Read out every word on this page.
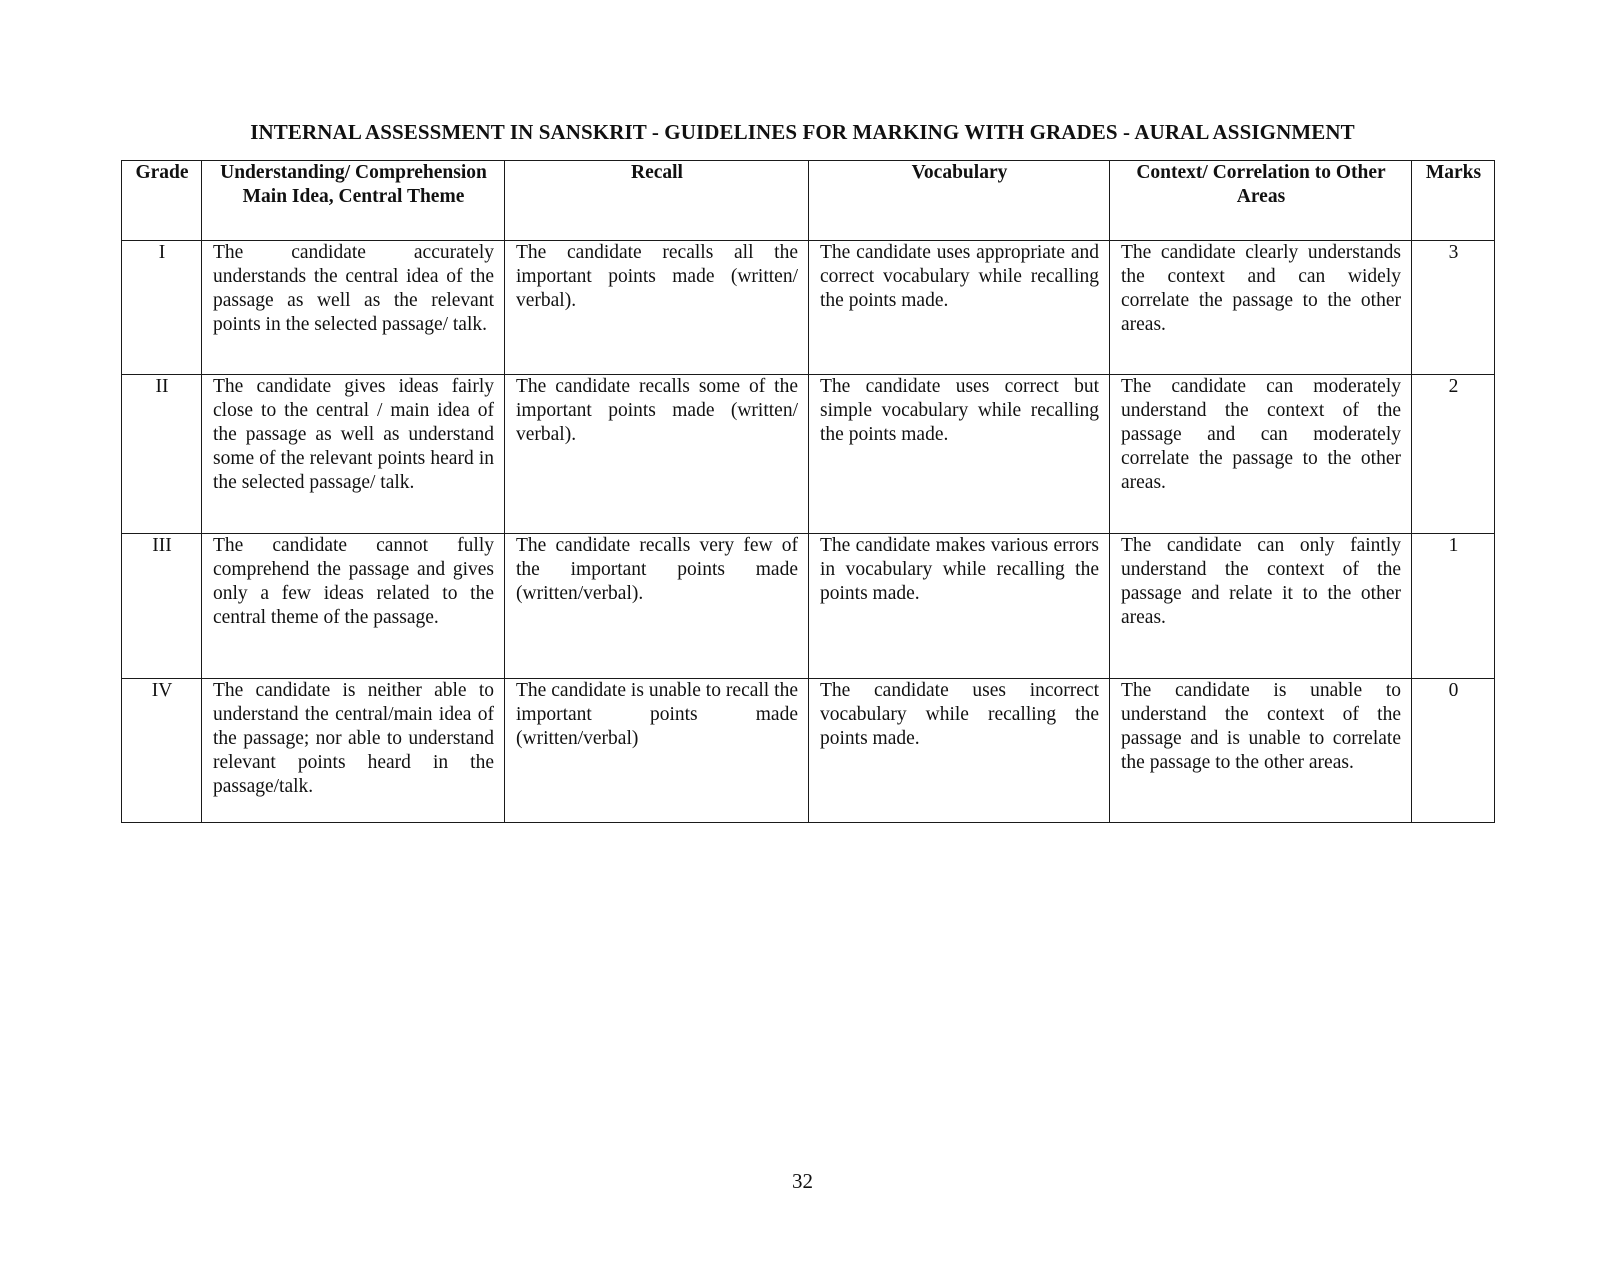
INTERNAL ASSESSMENT IN SANSKRIT - GUIDELINES FOR MARKING WITH GRADES - AURAL ASSIGNMENT
Grade	Understanding/ Comprehension Main Idea, Central Theme	Recall	Vocabulary	Context/ Correlation to Other Areas	Marks
I	The candidate accurately understands the central idea of the passage as well as the relevant points in the selected passage/ talk.	The candidate recalls all the important points made (written/ verbal).	The candidate uses appropriate and correct vocabulary while recalling the points made.	The candidate clearly understands the context and can widely correlate the passage to the other areas.	3
II	The candidate gives ideas fairly close to the central / main idea of the passage as well as understand some of the relevant points heard in the selected passage/ talk.	The candidate recalls some of the important points made (written/ verbal).	The candidate uses correct but simple vocabulary while recalling the points made.	The candidate can moderately understand the context of the passage and can moderately correlate the passage to the other areas.	2
III	The candidate cannot fully comprehend the passage and gives only a few ideas related to the central theme of the passage.	The candidate recalls very few of the important points made (written/verbal).	The candidate makes various errors in vocabulary while recalling the points made.	The candidate can only faintly understand the context of the passage and relate it to the other areas.	1
IV	The candidate is neither able to understand the central/main idea of the passage; nor able to understand relevant points heard in the passage/talk.	The candidate is unable to recall the important points made (written/verbal)	The candidate uses incorrect vocabulary while recalling the points made.	The candidate is unable to understand the context of the passage and is unable to correlate the passage to the other areas.	0
32
